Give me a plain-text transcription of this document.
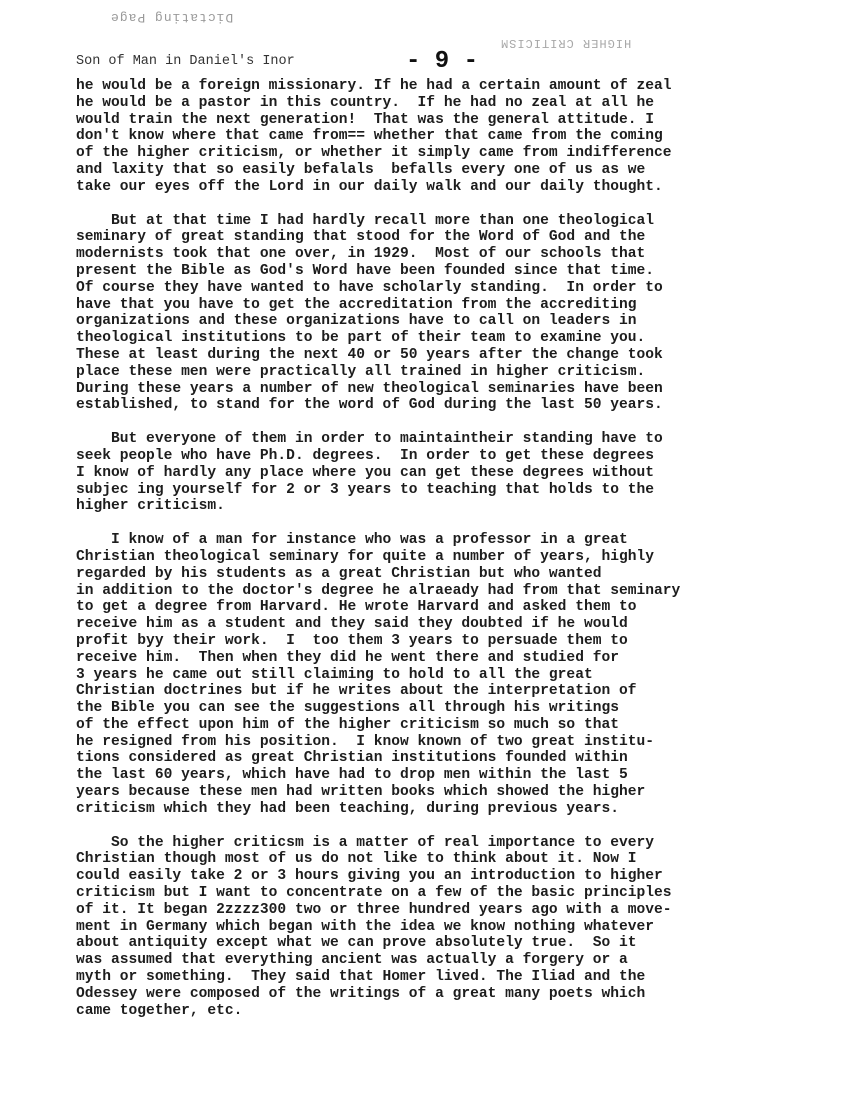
Dictating Page
HIGHER CRITICISM
Son of Man in Daniel's Inor	- 9 -
he would be a foreign missionary. If he had a certain amount of zeal
he would be a pastor in this country.  If he had no zeal at all he
would train the next generation!  That was the general attitude. I
don't know where that came from== whether that came from the coming
of the higher criticism, or whether it simply came from indifference
and laxity that so easily befalals  befalls every one of us as we
take our eyes off the Lord in our daily walk and our daily thought.
But at that time I had hardly recall more than one theological
seminary of great standing that stood for the Word of God and the
modernists took that one over, in 1929.  Most of our schools that
present the Bible as God's Word have been founded since that time.
Of course they have wanted to have scholarly standing.  In order to
have that you have to get the accreditation from the accrediting
organizations and these organizations have to call on leaders in
theological institutions to be part of their team to examine you.
These at least during the next 40 or 50 years after the change took
place these men were practically all trained in higher criticism.
During these years a number of new theological seminaries have been
established, to stand for the word of God during the last 50 years.
But everyone of them in order to maintaintheir standing have to
seek people who have Ph.D. degrees.  In order to get these degrees
I know of hardly any place where you can get these degrees without
subjec ing yourself for 2 or 3 years to teaching that holds to the
higher criticism.
I know of a man for instance who was a professor in a great
Christian theological seminary for quite a number of years, highly
regarded by his students as a great Christian but who wanted
in addition to the doctor's degree he alraeady had from that seminary
to get a degree from Harvard. He wrote Harvard and asked them to
receive him as a student and they said they doubted if he would
profit byy their work.  I  too them 3 years to persuade them to
receive him.  Then when they did he went there and studied for
3 years he came out still claiming to hold to all the great
Christian doctrines but if he writes about the interpretation of
the Bible you can see the suggestions all through his writings
of the effect upon him of the higher criticism so much so that
he resigned from his position.  I know known of two great institu-
tions considered as great Christian institutions founded within
the last 60 years, which have had to drop men within the last 5
years because these men had written books which showed the higher
criticism which they had been teaching, during previous years.
So the higher criticsm is a matter of real importance to every
Christian though most of us do not like to think about it. Now I
could easily take 2 or 3 hours giving you an introduction to higher
criticism but I want to concentrate on a few of the basic principles
of it. It began 2zzzz300 two or three hundred years ago with a move-
ment in Germany which began with the idea we know nothing whatever
about antiquity except what we can prove absolutely true.  So it
was assumed that everything ancient was actually a forgery or a
myth or something.  They said that Homer lived. The Iliad and the
Odessey were composed of the writings of a great many poets which
came together, etc.
